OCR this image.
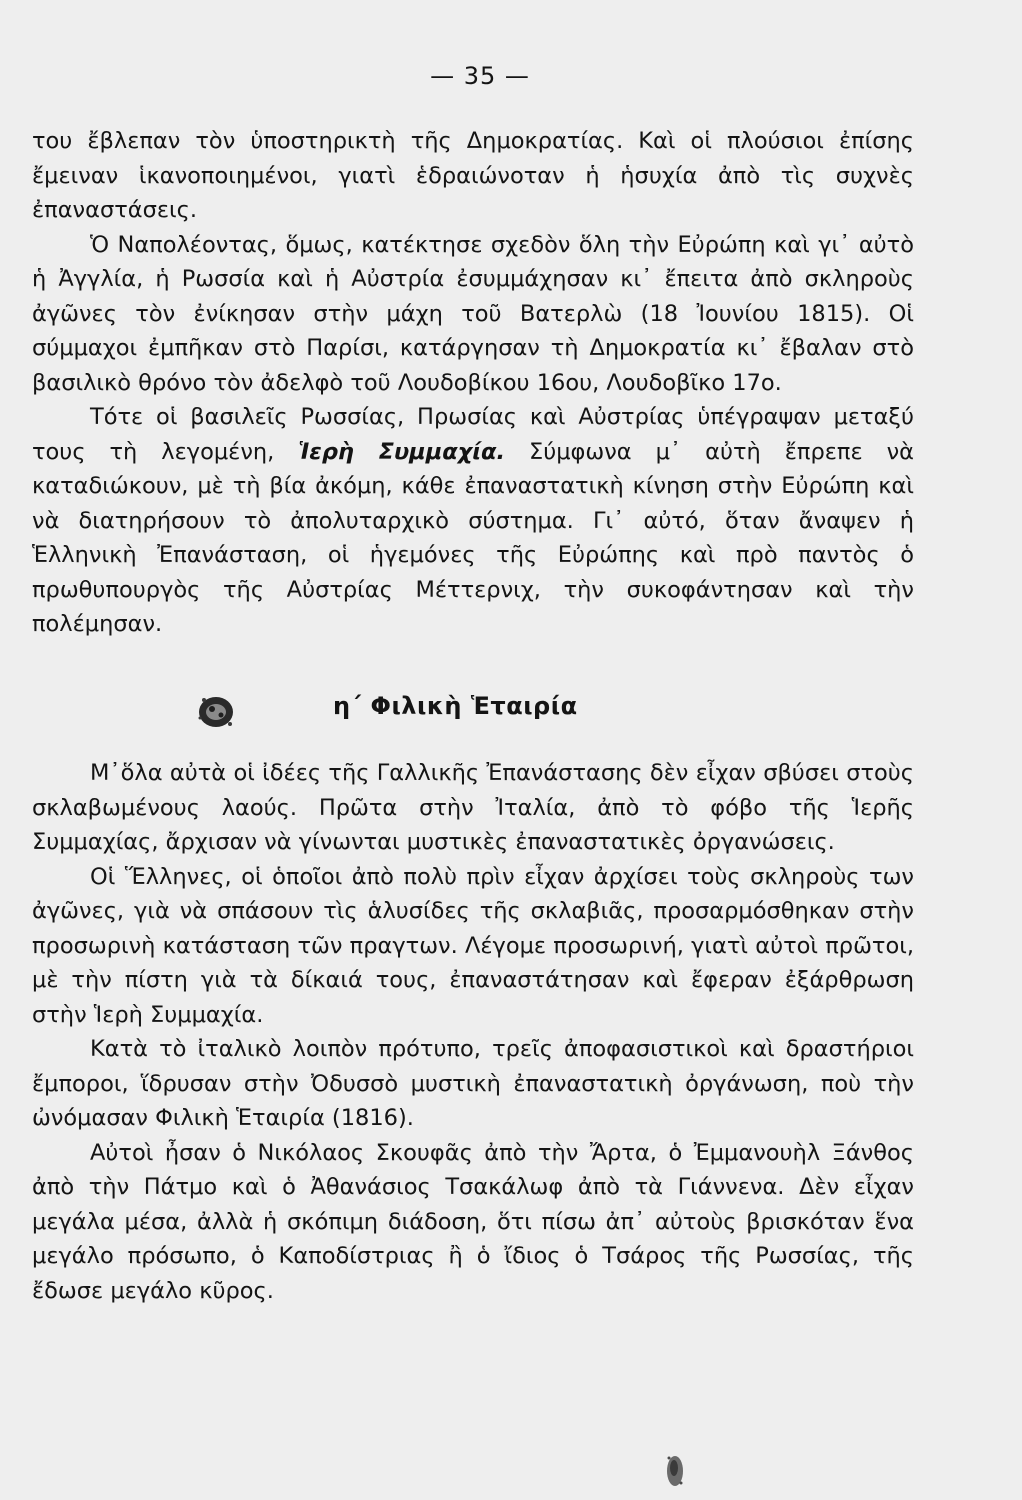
— 35 —

του ἔβλεπαν τὸν ὑποστηρικτὴ τῆς Δημοκρατίας. Καὶ οἱ πλούσιοι ἐπίσης ἔμειναν ἱκανοποιημένοι, γιατὶ ἑδραιώνοταν ἡ ἡσυχία ἀπὸ τὶς συχνὲς ἐπαναστάσεις.

Ὁ Ναπολέοντας, ὅμως, κατέκτησε σχεδὸν ὅλη τὴν Εὐρώπη καὶ γι᾽ αὐτὸ ἡ Ἀγγλία, ἡ Ρωσσία καὶ ἡ Αὐστρία ἐσυμμάχησαν κι᾽ ἔπειτα ἀπὸ σκληροὺς ἀγῶνες τὸν ἐνίκησαν στὴν μάχη τοῦ Βατερλὼ (18 Ἰουνίου 1815). Οἱ σύμμαχοι ἐμπῆκαν στὸ Παρίσι, κατάργησαν τὴ Δημοκρατία κι᾽ ἔβαλαν στὸ βασιλικὸ θρόνο τὸν ἀδελφὸ τοῦ Λουδοβίκου 16ου, Λουδοβῖκο 17ο.

Τότε οἱ βασιλεῖς Ρωσσίας, Πρωσίας καὶ Αὐστρίας ὑπέγραψαν μεταξύ τους τὴ λεγομένη, Ἱερὴ Συμμαχία. Σύμφωνα μ᾽ αὐτὴ ἔπρεπε νὰ καταδιώκουν, μὲ τὴ βία ἀκόμη, κάθε ἐπαναστατικὴ κίνηση στὴν Εὐρώπη καὶ νὰ διατηρήσουν τὸ ἀπολυταρχικὸ σύστημα. Γι᾽ αὐτό, ὅταν ἄναψεν ἡ Ἑλληνικὴ Ἐπανάσταση, οἱ ἡγεμόνες τῆς Εὐρώπης καὶ πρὸ παντὸς ὁ πρωθυπουργὸς τῆς Αὐστρίας Μέττερνιχ, τὴν συκοφάντησαν καὶ τὴν πολέμησαν.

η΄ Φιλικὴ Ἑταιρία

Μ᾽ὅλα αὐτὰ οἱ ἰδέες τῆς Γαλλικῆς Ἐπανάστασης δὲν εἶχαν σβύσει στοὺς σκλαβωμένους λαούς. Πρῶτα στὴν Ἰταλία, ἀπὸ τὸ φόβο τῆς Ἱερῆς Συμμαχίας, ἄρχισαν νὰ γίνωνται μυστικὲς ἐπαναστατικὲς ὀργανώσεις.

Οἱ Ἕλληνες, οἱ ὁποῖοι ἀπὸ πολὺ πρὶν εἶχαν ἀρχίσει τοὺς σκληροὺς των ἀγῶνες, γιὰ νὰ σπάσουν τὶς ἁλυσίδες τῆς σκλαβιᾶς, προσαρμόσθηκαν στὴν προσωρινὴ κατάσταση τῶν πραγτων. Λέγομε προσωρινή, γιατὶ αὐτοὶ πρῶτοι, μὲ τὴν πίστη γιὰ τὰ δίκαιά τους, ἐπαναστάτησαν καὶ ἔφεραν ἐξάρθρωση στὴν Ἱερὴ Συμμαχία.

Κατὰ τὸ ἰταλικὸ λοιπὸν πρότυπο, τρεῖς ἀποφασιστικοὶ καὶ δραστήριοι ἔμποροι, ἵδρυσαν στὴν Ὀδυσσὸ μυστικὴ ἐπαναστατικὴ ὀργάνωση, ποὺ τὴν ὠνόμασαν Φιλικὴ Ἑταιρία (1816).

Αὐτοὶ ἦσαν ὁ Νικόλαος Σκουφᾶς ἀπὸ τὴν Ἄρτα, ὁ Ἐμμανουὴλ Ξάνθος ἀπὸ τὴν Πάτμο καὶ ὁ Ἀθανάσιος Τσακάλωφ ἀπὸ τὰ Γιάννενα. Δὲν εἶχαν μεγάλα μέσα, ἀλλὰ ἡ σκόπιμη διάδοση, ὅτι πίσω ἀπ᾽ αὐτοὺς βρισκόταν ἕνα μεγάλο πρόσωπο, ὁ Καποδίστριας ἢ ὁ ἴδιος ὁ Τσάρος τῆς Ρωσσίας, τῆς ἔδωσε μεγάλο κῦρος.
